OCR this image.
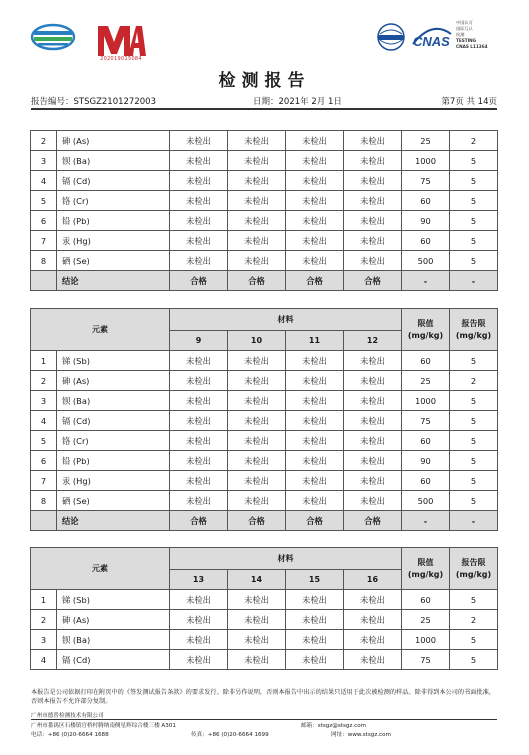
202019015084
CNAS
中国认可
国际互认
检测
TESTING
CNAS L11364
检测报告
报告编号：STSGZ2101272003	日期：2021年 2月 1日	第7页 共 14页
2	砷 (As)	未检出	未检出	未检出	未检出	25	2
3	钡 (Ba)	未检出	未检出	未检出	未检出	1000	5
4	镉 (Cd)	未检出	未检出	未检出	未检出	75	5
5	铬 (Cr)	未检出	未检出	未检出	未检出	60	5
6	铅 (Pb)	未检出	未检出	未检出	未检出	90	5
7	汞 (Hg)	未检出	未检出	未检出	未检出	60	5
8	硒 (Se)	未检出	未检出	未检出	未检出	500	5
	结论	合格	合格	合格	合格	-	-
元素		材料				限值
(mg/kg)	报告限
(mg/kg)
		9	10	11	12		
1	锑 (Sb)	未检出	未检出	未检出	未检出	60	5
2	砷 (As)	未检出	未检出	未检出	未检出	25	2
3	钡 (Ba)	未检出	未检出	未检出	未检出	1000	5
4	镉 (Cd)	未检出	未检出	未检出	未检出	75	5
5	铬 (Cr)	未检出	未检出	未检出	未检出	60	5
6	铅 (Pb)	未检出	未检出	未检出	未检出	90	5
7	汞 (Hg)	未检出	未检出	未检出	未检出	60	5
8	硒 (Se)	未检出	未检出	未检出	未检出	500	5
	结论	合格	合格	合格	合格	-	-
元素		材料				限值
(mg/kg)	报告限
(mg/kg)
		13	14	15	16		
1	锑 (Sb)	未检出	未检出	未检出	未检出	60	5
2	砷 (As)	未检出	未检出	未检出	未检出	25	2
3	钡 (Ba)	未检出	未检出	未检出	未检出	1000	5
4	镉 (Cd)	未检出	未检出	未检出	未检出	75	5
本报告是公司依据打印在附页中的《签发测试报告条款》的要求发行。除非另作说明，否则本报告中出示的结果只适用于此次被检测的样品。除非得到本公司的书面批准，否则本报告不允许部分复制。
广州市德普检测技术有限公司
广州市番禺区石楼镇官桥村腾纳南侧星辉综合楼三楼 A301	邮箱：stsgz@stsgz.com
电话：+86 (0)20-6664 1688	传真：+86 (0)20-6664 1699	网址：www.stsgz.com
